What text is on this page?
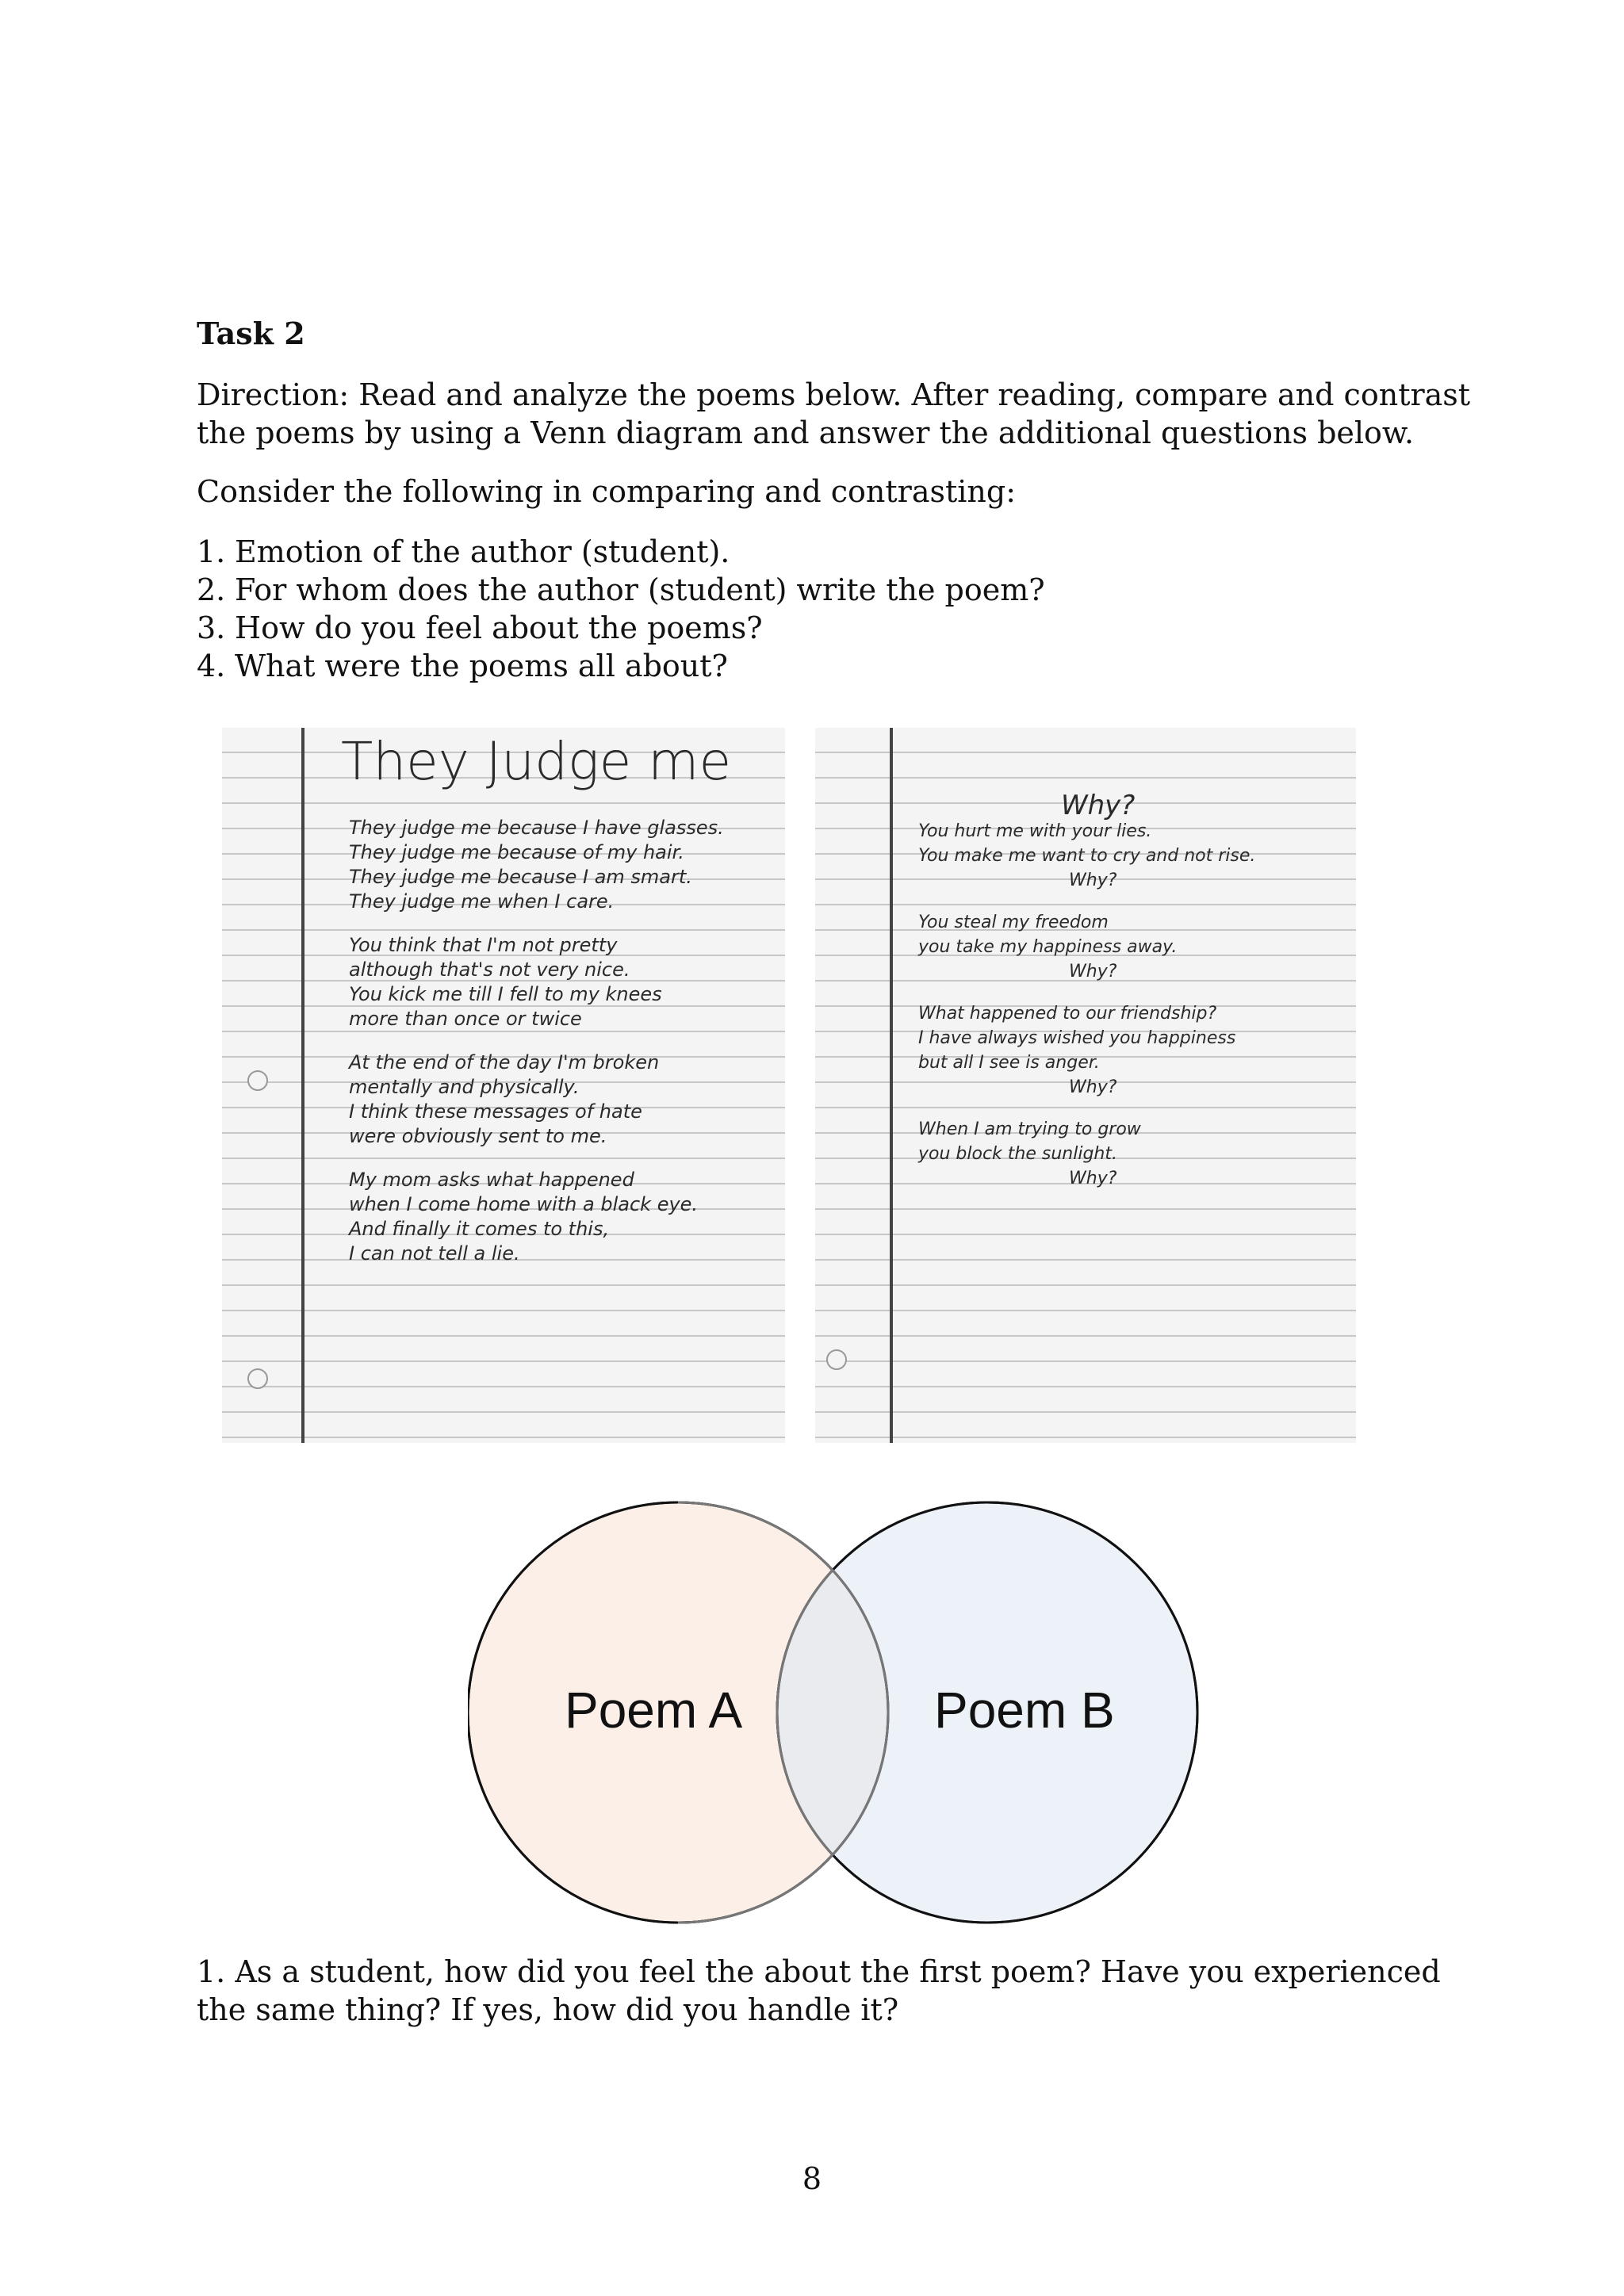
Task 2
Direction: Read and analyze the poems below. After reading, compare and contrast the poems by using a Venn diagram and answer the additional questions below.
Consider the following in comparing and contrasting:
1. Emotion of the author (student).
2. For whom does the author (student) write the poem?
3. How do you feel about the poems?
4. What were the poems all about?
They Judge me
They judge me because I have glasses.
They judge me because of my hair.
They judge me because I am smart.
They judge me when I care.
You think that I'm not pretty
although that's not very nice.
You kick me till I fell to my knees
more than once or twice
At the end of the day I'm broken
mentally and physically.
I think these messages of hate
were obviously sent to me.
My mom asks what happened
when I come home with a black eye.
And finally it comes to this,
I can not tell a lie.
Why?
You hurt me with your lies.
You make me want to cry and not rise.
Why?
You steal my freedom
you take my happiness away.
Why?
What happened to our friendship?
I have always wished you happiness
but all I see is anger.
Why?
When I am trying to grow
you block the sunlight.
Why?
Poem A	Poem B
1. As a student, how did you feel the about the first poem? Have you experienced the same thing? If yes, how did you handle it?
8
